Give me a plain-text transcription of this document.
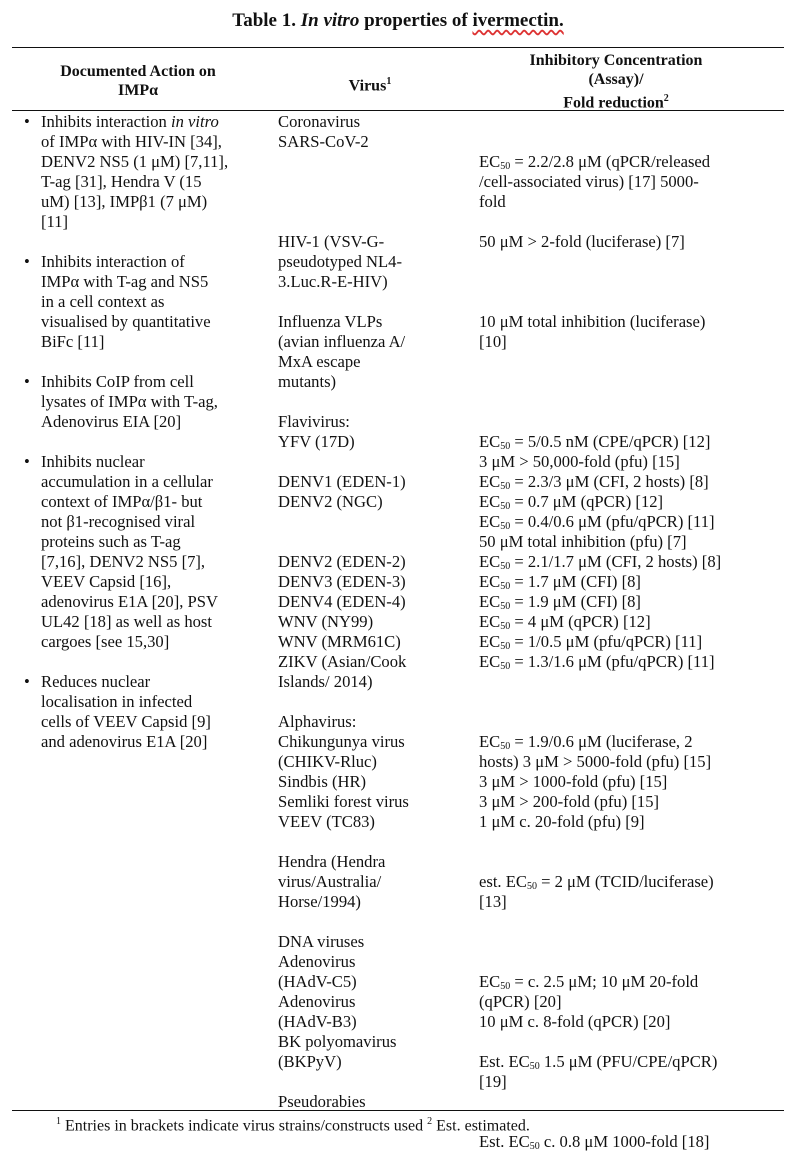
Table 1. In vitro properties of ivermectin.
Documented Action on
IMPα	Virus$^1$
Inhibitory Concentration
(Assay)/
Fold reduction$^2$
• Inhibits interaction in vitro
of IMPα with HIV-IN [34],
DENV2 NS5 (1 μM) [7,11],
T-ag [31], Hendra V (15
uM) [13], IMPβ1 (7 μM)
[11]
• Inhibits interaction of
IMPα with T-ag and NS5
in a cell context as
visualised by quantitative
BiFc [11]
• Inhibits CoIP from cell
lysates of IMPα with T-ag,
Adenovirus EIA [20]
• Inhibits nuclear
accumulation in a cellular
context of IMPα/β1- but
not β1-recognised viral
proteins such as T-ag
[7,16], DENV2 NS5 [7],
VEEV Capsid [16],
adenovirus E1A [20], PSV
UL42 [18] as well as host
cargoes [see 15,30]
• Reduces nuclear
localisation in infected
cells of VEEV Capsid [9]
and adenovirus E1A [20]
Coronavirus
SARS-CoV-2
HIV-1 (VSV-G-
pseudotyped NL4-
3.Luc.R-E-HIV)
Influenza VLPs
(avian influenza A/
MxA escape
mutants)
Flavivirus:
YFV (17D)
DENV1 (EDEN-1)
DENV2 (NGC)
DENV2 (EDEN-2)
DENV3 (EDEN-3)
DENV4 (EDEN-4)
WNV (NY99)
WNV (MRM61C)
ZIKV (Asian/Cook
Islands/ 2014)
Alphavirus:
Chikungunya virus
(CHIKV-Rluc)
Sindbis (HR)
Semliki forest virus
VEEV (TC83)
Hendra (Hendra
virus/Australia/
Horse/1994)
DNA viruses
Adenovirus
(HAdV-C5)
Adenovirus
(HAdV-B3)
BK polyomavirus
(BKPyV)
Pseudorabies
EC50 = 2.2/2.8 μM (qPCR/released
/cell-associated virus) [17] 5000-
fold
50 μM > 2-fold (luciferase) [7]
10 μM total inhibition (luciferase)
[10]
EC50 = 5/0.5 nM (CPE/qPCR) [12]
3 μM > 50,000-fold (pfu) [15]
EC50 = 2.3/3 μM (CFI, 2 hosts) [8]
EC50 = 0.7 μM (qPCR) [12]
EC50 = 0.4/0.6 μM (pfu/qPCR) [11]
50 μM total inhibition (pfu) [7]
EC50 = 2.1/1.7 μM (CFI, 2 hosts) [8]
EC50 = 1.7 μM (CFI) [8]
EC50 = 1.9 μM (CFI) [8]
EC50 = 4 μM (qPCR) [12]
EC50 = 1/0.5 μM (pfu/qPCR) [11]
EC50 = 1.3/1.6 μM (pfu/qPCR) [11]
EC50 = 1.9/0.6 μM (luciferase, 2
hosts) 3 μM > 5000-fold (pfu) [15]
3 μM > 1000-fold (pfu) [15]
3 μM > 200-fold (pfu) [15]
1 μM c. 20-fold (pfu) [9]
est. EC50 = 2 μM (TCID/luciferase)
[13]
EC50 = c. 2.5 μM; 10 μM 20-fold
(qPCR) [20]
10 μM c. 8-fold (qPCR) [20]
Est. EC50 1.5 μM (PFU/CPE/qPCR)
[19]
Est. EC50 c. 0.8 μM 1000-fold [18]
$^1$ Entries in brackets indicate virus strains/constructs used $^2$ Est. estimated.
